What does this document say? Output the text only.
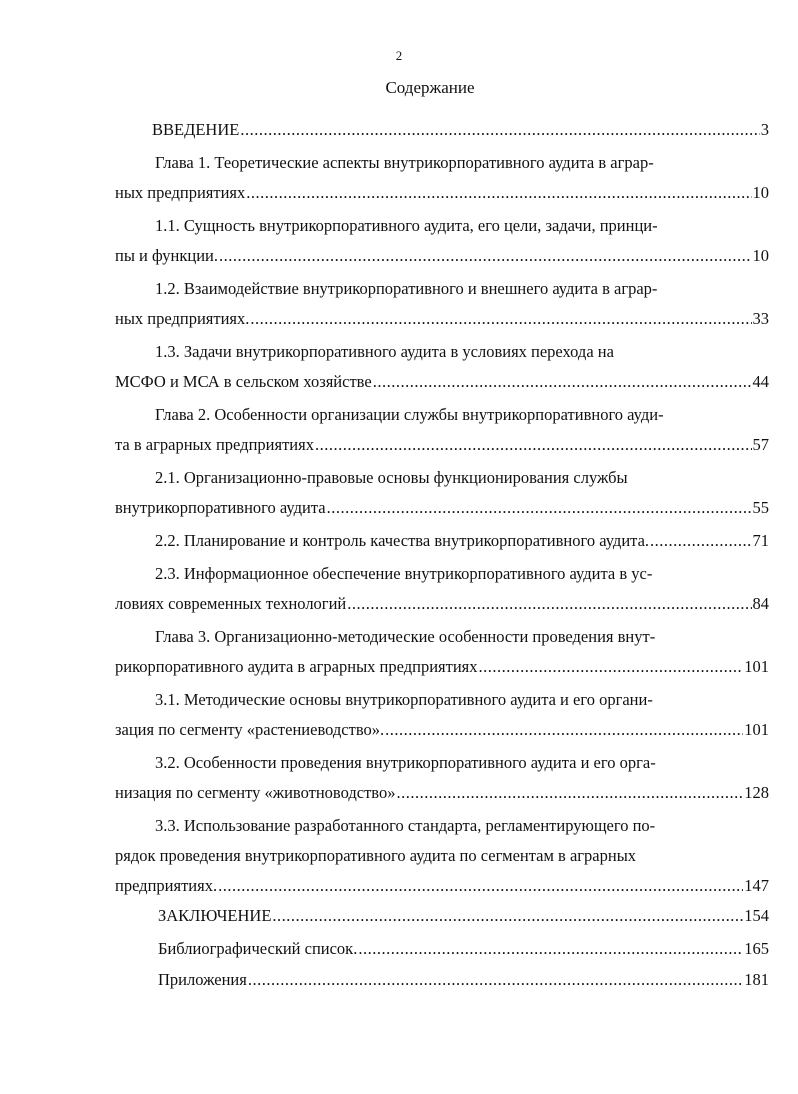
2
Содержание
ВВЕДЕНИЕ .....	3
Глава 1. Теоретические аспекты внутрикорпоративного аудита в аграр-
ных предприятиях .....	10
1.1. Сущность внутрикорпоративного аудита, его цели, задачи, принци-
пы и функции. .....	10
1.2. Взаимодействие внутрикорпоративного и внешнего аудита в аграр-
ных предприятиях. .....	33
1.3. Задачи внутрикорпоративного аудита в условиях перехода на
МСФО и МСА в сельском хозяйстве .....	44
Глава 2. Особенности организации службы внутрикорпоративного ауди-
та в аграрных предприятиях .....	57
2.1. Организационно-правовые основы функционирования службы
внутрикорпоративного аудита .....	55
2.2. Планирование и контроль качества внутрикорпоративного аудита. .....	71
2.3. Информационное обеспечение внутрикорпоративного аудита в ус-
ловиях современных технологий .....	84
Глава 3. Организационно-методические особенности проведения внут-
рикорпоративного аудита в аграрных предприятиях .....	101
3.1. Методические основы внутрикорпоративного аудита и его органи-
зация по сегменту «растениеводство». .....	101
3.2. Особенности проведения внутрикорпоративного аудита и его орга-
низация по сегменту «животноводство» .....	128
3.3. Использование разработанного стандарта, регламентирующего по-
рядок проведения внутрикорпоративного аудита по сегментам в аграрных
предприятиях. .....	147
ЗАКЛЮЧЕНИЕ .....	154
Библиографический список. .....	165
Приложения .....	181
